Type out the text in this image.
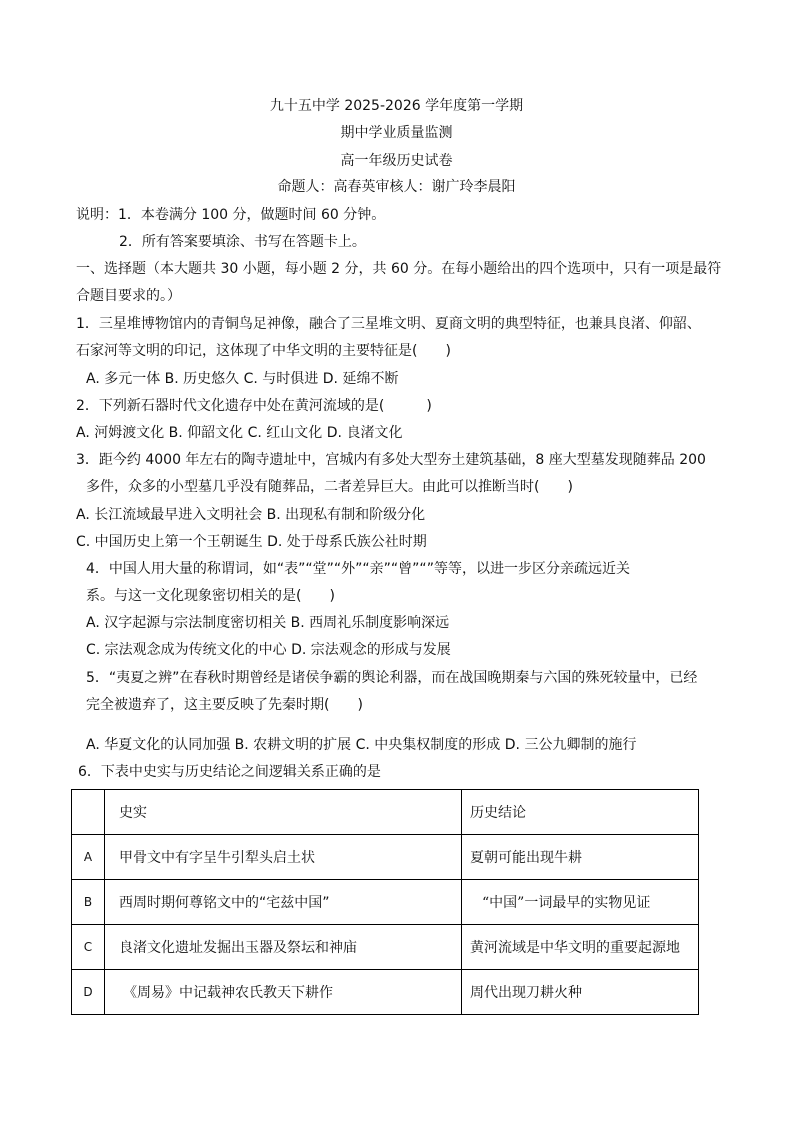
九十五中学 2025-2026 学年度第一学期
期中学业质量监测
高一年级历史试卷
命题人：高春英审核人：谢广玲李晨阳
说明：1．本卷满分 100 分，做题时间 60 分钟。
2．所有答案要填涂、书写在答题卡上。
一、选择题（本大题共 30 小题，每小题 2 分，共 60 分。在每小题给出的四个选项中，只有一项是最符
合题目要求的。）
1．三星堆博物馆内的青铜鸟足神像，融合了三星堆文明、夏商文明的典型特征，也兼具良渚、仰韶、
石家河等文明的印记，这体现了中华文明的主要特征是(　　)
A. 多元一体 B. 历史悠久 C. 与时俱进 D. 延绵不断
2．下列新石器时代文化遗存中处在黄河流域的是(　　　)
A. 河姆渡文化 B. 仰韶文化 C. 红山文化 D. 良渚文化
3．距今约 4000 年左右的陶寺遗址中，宫城内有多处大型夯土建筑基础，8 座大型墓发现随葬品 200
多件，众多的小型墓几乎没有随葬品，二者差异巨大。由此可以推断当时(　　)
A. 长江流域最早进入文明社会 B. 出现私有制和阶级分化
C. 中国历史上第一个王朝诞生 D. 处于母系氏族公社时期
4．中国人用大量的称谓词，如“表”“堂”“外”“亲”“曾”“”等等，以进一步区分亲疏远近关
系。与这一文化现象密切相关的是(　　)
A. 汉字起源与宗法制度密切相关 B. 西周礼乐制度影响深远
C. 宗法观念成为传统文化的中心 D. 宗法观念的形成与发展
5．“夷夏之辨”在春秋时期曾经是诸侯争霸的舆论利器，而在战国晚期秦与六国的殊死较量中，已经
完全被遗弃了，这主要反映了先秦时期(　　)
A. 华夏文化的认同加强 B. 农耕文明的扩展 C. 中央集权制度的形成 D. 三公九卿制的施行
6．下表中史实与历史结论之间逻辑关系正确的是
	史实	历史结论
A	甲骨文中有字呈牛引犁头启土状	夏朝可能出现牛耕
B	西周时期何尊铭文中的“宅兹中国”	“中国”一词最早的实物见证
C	良渚文化遗址发掘出玉器及祭坛和神庙	黄河流域是中华文明的重要起源地
D	《周易》中记载神农氏教天下耕作	周代出现刀耕火种
